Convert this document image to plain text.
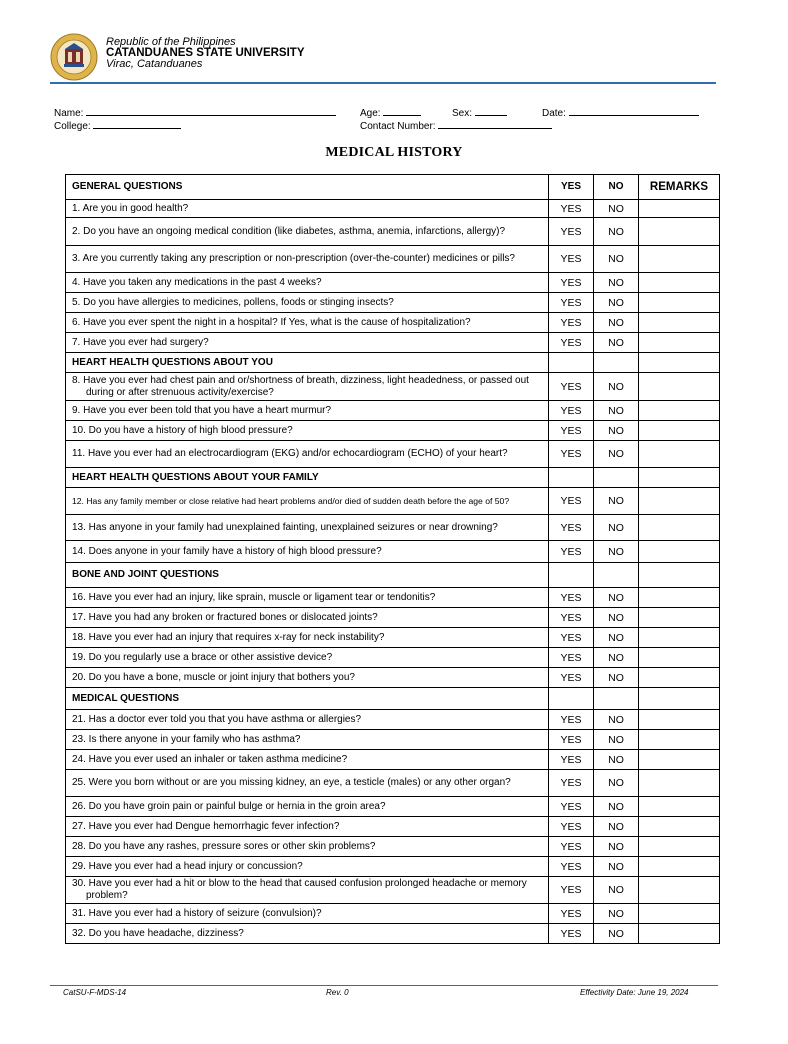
Republic of the Philippines
CATANDUANES STATE UNIVERSITY
Virac, Catanduanes
Name:	Age:	Sex:	Date:
College:	Contact Number:
MEDICAL HISTORY
GENERAL QUESTIONS	YES	NO	REMARKS

1. Are you in good health?	YES	NO	

2. Do you have an ongoing medical condition (like diabetes, asthma, anemia, infarctions, allergy)?	YES	NO	

3. Are you currently taking any prescription or non-prescription (over-the-counter) medicines or pills?	YES	NO	

4. Have you taken any medications in the past 4 weeks?	YES	NO	

5. Do you have allergies to medicines, pollens, foods or stinging insects?	YES	NO	

6. Have you ever spent the night in a hospital? If Yes, what is the cause of hospitalization?	YES	NO	

7. Have you ever had surgery?	YES	NO	
HEART HEALTH QUESTIONS ABOUT YOU			

8. Have you ever had chest pain and or/shortness of breath, dizziness, light headedness, or passed out during or after strenuous activity/exercise?	YES	NO	

9. Have you ever been told that you have a heart murmur?	YES	NO	

10. Do you have a history of high blood pressure?	YES	NO	

11. Have you ever had an electrocardiogram (EKG) and/or echocardiogram (ECHO) of your heart?	YES	NO	
HEART HEALTH QUESTIONS ABOUT YOUR FAMILY			

12. Has any family member or close relative had heart problems and/or died of sudden death before the age of 50?	YES	NO	

13. Has anyone in your family had unexplained fainting, unexplained seizures or near drowning?	YES	NO	

14. Does anyone in your family have a history of high blood pressure?	YES	NO	
BONE AND JOINT QUESTIONS			

16. Have you ever had an injury, like sprain, muscle or ligament tear or tendonitis?	YES	NO	

17. Have you had any broken or fractured bones or dislocated joints?	YES	NO	

18. Have you ever had an injury that requires x-ray for neck instability?	YES	NO	

19. Do you regularly use a brace or other assistive device?	YES	NO	

20. Do you have a bone, muscle or joint injury that bothers you?	YES	NO	
MEDICAL QUESTIONS			

21. Has a doctor ever told you that you have asthma or allergies?	YES	NO	

23. Is there anyone in your family who has asthma?	YES	NO	

24. Have you ever used an inhaler or taken asthma medicine?	YES	NO	

25. Were you born without or are you missing kidney, an eye, a testicle (males) or any other organ?	YES	NO	

26. Do you have groin pain or painful bulge or hernia in the groin area?	YES	NO	

27. Have you ever had Dengue hemorrhagic fever infection?	YES	NO	

28. Do you have any rashes, pressure sores or other skin problems?	YES	NO	

29. Have you ever had a head injury or concussion?	YES	NO	

30. Have you ever had a hit or blow to the head that caused confusion prolonged headache or memory problem?	YES	NO	

31. Have you ever had a history of seizure (convulsion)?	YES	NO	

32. Do you have headache, dizziness?	YES	NO	
CatSU-F-MDS-14	Rev. 0	Effectivity Date: June 19, 2024
